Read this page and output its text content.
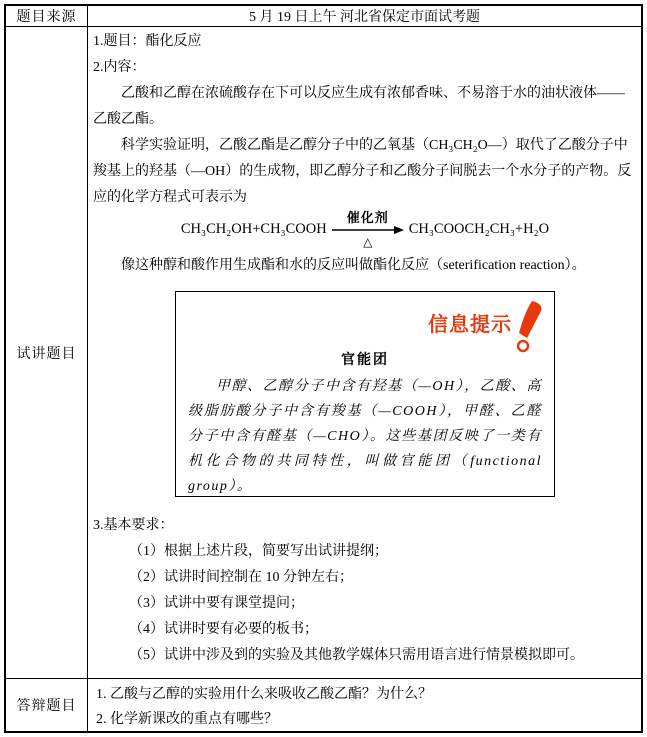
题目来源	5 月 19 日上午 河北省保定市面试考题
试讲题目
1.题目：酯化反应
2.内容：
乙酸和乙醇在浓硫酸存在下可以反应生成有浓郁香味、不易溶于水的油状液体——乙酸乙酯。
科学实验证明，乙酸乙酯是乙醇分子中的乙氧基（CH₃CH₂O—）取代了乙酸分子中羧基上的羟基（—OH）的生成物，即乙醇分子和乙酸分子间脱去一个水分子的产物。反应的化学方程式可表示为
CH₃CH₂OH+CH₃COOH
催化剂
△
CH₃COOCH₂CH₃+H₂O
像这种醇和酸作用生成酯和水的反应叫做酯化反应（seterification reaction）。
信息提示
官能团
甲醇、乙醇分子中含有羟基（—OH），乙酸、高级脂肪酸分子中含有羧基（—COOH），甲醛、乙醛分子中含有醛基（—CHO）。这些基团反映了一类有机化合物的共同特性，叫做官能团（functional group）。
3.基本要求：
（1）根据上述片段，简要写出试讲提纲；
（2）试讲时间控制在 10 分钟左右；
（3）试讲中要有课堂提问；
（4）试讲时要有必要的板书；
（5）试讲中涉及到的实验及其他教学媒体只需用语言进行情景模拟即可。
答辩题目
1. 乙酸与乙醇的实验用什么来吸收乙酸乙酯？为什么？
2. 化学新课改的重点有哪些？
